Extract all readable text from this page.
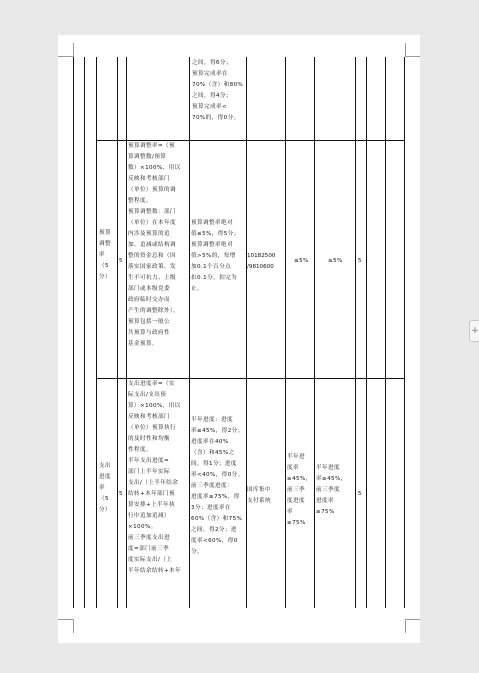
之间，得6分；
预算完成率在
70%（含）和80%
之间，得4分；
预算完成率<
70%的，得0分。
预算
调整
率
（5
分）
5
预算调整率=（预
算调整数/预算
数）×100%，用以
反映和考核部门
（单位）预算的调
整程度。
预算调整数：部门
（单位）在本年度
内涉及预算的追
加、追减或结构调
整的资金总和（因
落实国家政策、发
生不可抗力、上级
部门或本级党委
政府临时交办而
产生的调整除外）。
预算包括一般公
共预算与政府性
基金预算。
预算调整率绝对
值≤5%，得5分；
预算调整率绝对
值>5%的，每增
加0.1个百分点
扣0.1分，扣完为
止。
10182500
/9810600
≤5%	≤5%	5
支出
进度
率
（5
分）
5
支出进度率=（实
际支出/支出预
算）×100%，用以
反映和考核部门
（单位）预算执行
的及时性和均衡
性程度。
半年支出进度=
部门上半年实际
支出/（上半年结余
结转+本年部门预
算安排+上半年执
行中追加追减）
×100%。
前三季度支出进
度=部门前三季
度实际支出/（上
半年结余结转+本年
半年进度：进度
率≥45%，得2分；
进度率在40%
（含）和45%之
间，得1分；进度
率<40%，得0分。
前三季度进度：
进度率≥75%，得
3分；进度率在
60%（含）和75%
之间，得2分；进
度率<60%，得0
分。
国库集中
支付系统
半年进
度率
≥45%，
前三季
度进度
率
≥75%
半年进度
率≥45%，
前三季度
进度率
≥75%
5
+
